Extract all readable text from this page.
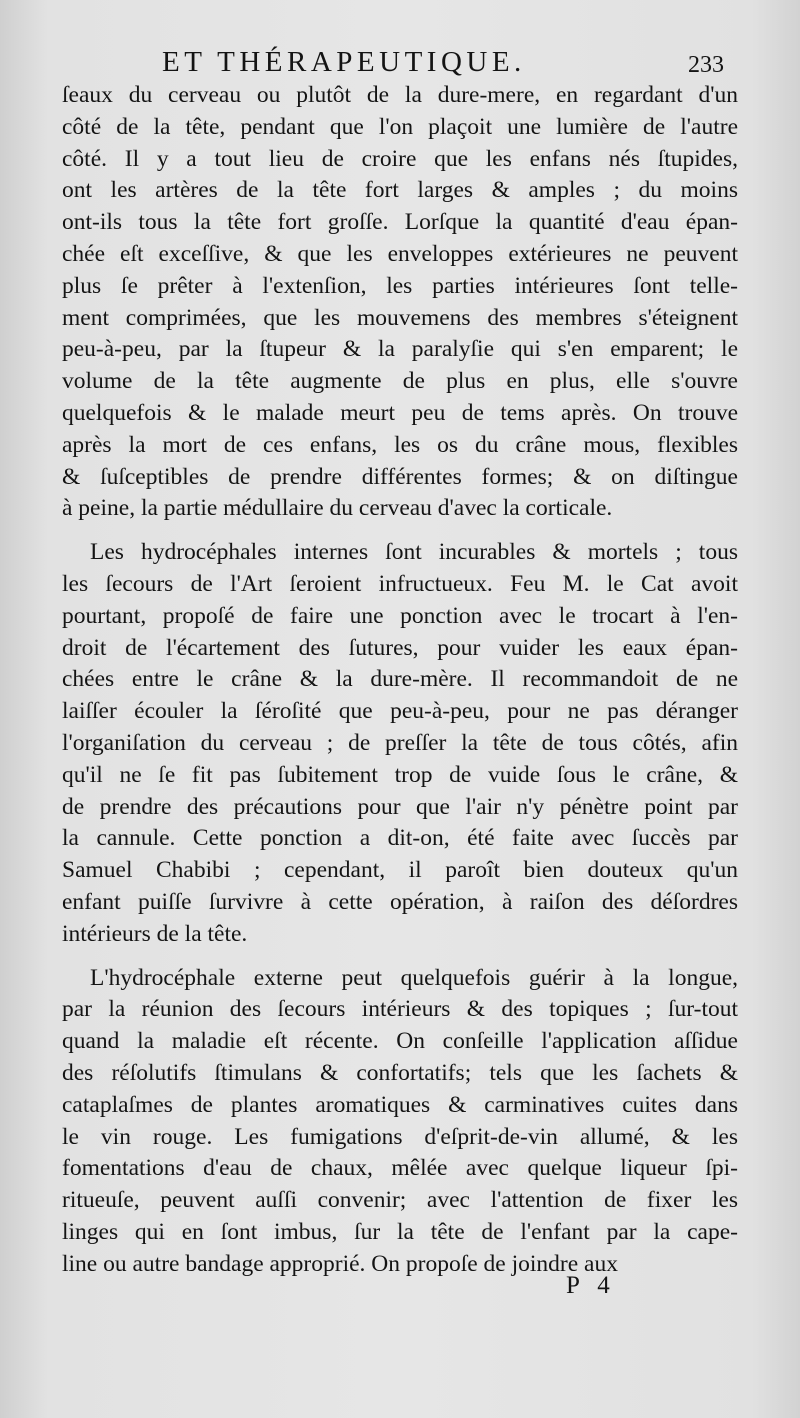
ET THÉRAPEUTIQUE.	233
ſeaux du cerveau ou plutôt de la dure-mere, en regardant d'un
côté de la tête, pendant que l'on plaçoit une lumière de l'autre
côté. Il y a tout lieu de croire que les enfans nés ſtupides,
ont les artères de la tête fort larges & amples ; du moins
ont-ils tous la tête fort groſſe. Lorſque la quantité d'eau épan-
chée eſt exceſſive, & que les enveloppes extérieures ne peuvent
plus ſe prêter à l'extenſion, les parties intérieures ſont telle-
ment comprimées, que les mouvemens des membres s'éteignent
peu-à-peu, par la ſtupeur & la paralyſie qui s'en emparent; le
volume de la tête augmente de plus en plus, elle s'ouvre
quelquefois & le malade meurt peu de tems après. On trouve
après la mort de ces enfans, les os du crâne mous, flexibles
& ſuſceptibles de prendre différentes formes; & on diſtingue
à peine, la partie médullaire du cerveau d'avec la corticale.
Les hydrocéphales internes ſont incurables & mortels ; tous
les ſecours de l'Art ſeroient infructueux. Feu M. le Cat avoit
pourtant, propoſé de faire une ponction avec le trocart à l'en-
droit de l'écartement des ſutures, pour vuider les eaux épan-
chées entre le crâne & la dure-mère. Il recommandoit de ne
laiſſer écouler la ſéroſité que peu-à-peu, pour ne pas déranger
l'organiſation du cerveau ; de preſſer la tête de tous côtés, afin
qu'il ne ſe fit pas ſubitement trop de vuide ſous le crâne, &
de prendre des précautions pour que l'air n'y pénètre point par
la cannule. Cette ponction a dit-on, été faite avec ſuccès par
Samuel Chabibi ; cependant, il paroît bien douteux qu'un
enfant puiſſe ſurvivre à cette opération, à raiſon des déſordres
intérieurs de la tête.
L'hydrocéphale externe peut quelquefois guérir à la longue,
par la réunion des ſecours intérieurs & des topiques ; ſur-tout
quand la maladie eſt récente. On conſeille l'application aſſidue
des réſolutifs ſtimulans & confortatifs; tels que les ſachets &
cataplaſmes de plantes aromatiques & carminatives cuites dans
le vin rouge. Les fumigations d'eſprit-de-vin allumé, & les
fomentations d'eau de chaux, mêlée avec quelque liqueur ſpi-
ritueuſe, peuvent auſſi convenir; avec l'attention de fixer les
linges qui en ſont imbus, ſur la tête de l'enfant par la cape-
line ou autre bandage approprié. On propoſe de joindre aux
P 4
